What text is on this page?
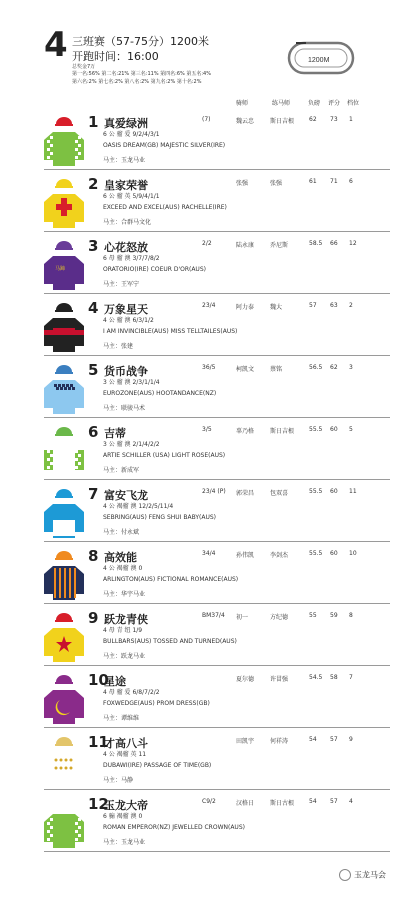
4 三班赛（57-75分）1200米
开跑时间：16:00
总奖金7万
第一名:56% 第二名:21% 第三名:11% 第四名:6% 第五名:4%
第六名:2% 第七名:2% 第八名:2% 第九名:2% 第十名:2%
1200M
骑师	练马师	负磅 评分 档位
1 真爱绿洲
6 公 骝 爱 9/2/4/3/1
OASIS DREAM(GB) MAJESTIC SILVER(IRE)
马主：玉龙马业
(7)	魏云忠	斯日吉根 62 73 1
2 皇家荣誉
6 公 骝 英 5/9/4/1/1
EXCEED AND EXCEL(AUS) RACHELLE(IRE)
马主：合群马文化
张强	张强	61 71 6
马蹄
3 心花怒放
6 母 骝 澳 3/7/7/8/2
ORATORIO(IRE) COEUR D'OR(AUS)
马主：王军宁
2/2	陆永康	乔尼斯	58.5 66 12
4 万象星天
4 公 骝 澳 6/3/1/2
I AM INVINCIBLE(AUS) MISS TELLTAILES(AUS)
马主：张建
23/4	阿力泰	魏大	57 63 2
5 货币战争
3 公 骝 澳 2/3/1/1/4
EUROZONE(AUS) HOOTANDANCE(NZ)
马主：联骏马术
36/5	柯凯文	蔡铭	56.5 62 3
6 吉蒂
3 公 骝 澳 2/1/4/2/2
ARTIE SCHILLER (USA) LIGHT ROSE(AUS)
马主：新成军
3/5	辜乃格	斯日吉根 55.5 60 5
7 富安飞龙
4 公 褐骝 澳 12/2/5/11/4
SEBRING(AUS) FENG SHUI BABY(AUS)
马主：付永斌
23/4 (P) 郭荣昌	包双喜	55.5 60 11
8 高效能
4 公 褐骝 澳 0
ARLINGTON(AUS) FICTIONAL ROMANCE(AUS)
马主：华宇马业
34/4	孙伟凯	李剑杰	55.5 60 10
9 跃龙青侠
4 母 青 纽 1/9
BULLBARS(AUS) TOSSED AND TURNED(AUS)
马主：跃龙马业
BM37/4 初一	方纪德	55 59 8
10
星途
4 母 骝 爱 6/8/7/2/2
FOXWEDGE(AUS) PROM DRESS(GB)
马主：谭维维
夏尔德	许冒强	54.5 58 7
11
才高八斗
4 公 褐骝 英 11
DUBAWI(IRE) PASSAGE OF TIME(GB)
马主：马静
田凯宇	何祥涛	54 57 9
12
玉龙大帝
6 骟 褐骝 澳 0
ROMAN EMPEROR(NZ) JEWELLED CROWN(AUS)
马主：玉龙马业
C9/2	汉格日	斯日古根 54 57 4
玉龙马会
